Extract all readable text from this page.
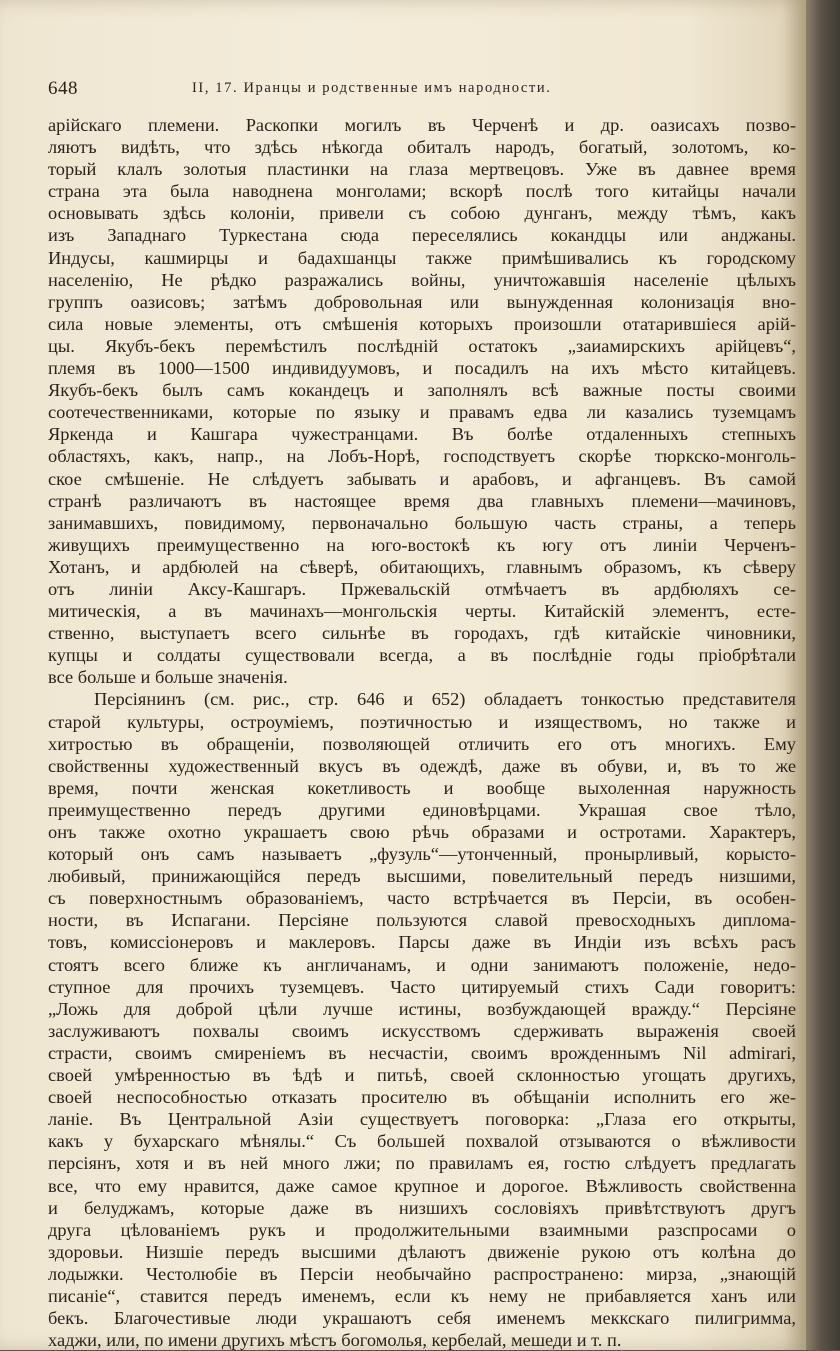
648	II, 17. Иранцы и родственные имъ народности.
арійскаго племени. Раскопки могилъ въ Черченѣ и др. оазисахъ позво-
ляютъ видѣть, что здѣсь нѣкогда обиталъ народъ, богатый, золотомъ, ко-
торый клалъ золотыя пластинки на глаза мертвецовъ. Уже въ давнее время
страна эта была наводнена монголами; вскорѣ послѣ того китайцы начали
основывать здѣсь колоніи, привели съ собою дунганъ, между тѣмъ, какъ
изъ Западнаго Туркестана сюда переселялись кокандцы или анджаны.
Индусы, кашмирцы и бадахшанцы также примѣшивались къ городскому
населенію, Не рѣдко разражались войны, уничтожавшія населеніе цѣлыхъ
группъ оазисовъ; затѣмъ добровольная или вынужденная колонизація вно-
сила новые элементы, отъ смѣшенія которыхъ произошли отатарившіеся арій-
цы. Якубъ-бекъ перемѣстилъ послѣдній остатокъ „заиамирскихъ арійцевъ“,
племя въ 1000—1500 индивидуумовъ, и посадилъ на ихъ мѣсто китайцевъ.
Якубъ-бекъ былъ самъ кокандецъ и заполнялъ всѣ важные посты своими
соотечественниками, которые по языку и правамъ едва ли казались туземцамъ
Яркенда и Кашгара чужестранцами. Въ болѣе отдаленныхъ степныхъ
областяхъ, какъ, напр., на Лобъ-Норѣ, господствуетъ скорѣе тюркско-монголь-
ское смѣшеніе. Не слѣдуетъ забывать и арабовъ, и афганцевъ. Въ самой
странѣ различаютъ въ настоящее время два главныхъ племени—мачиновъ,
занимавшихъ, повидимому, первоначально большую часть страны, а теперь
живущихъ преимущественно на юго-востокѣ къ югу отъ линіи Черченъ-
Хотанъ, и ардбюлей на сѣверѣ, обитающихъ, главнымъ образомъ, къ сѣверу
отъ линіи Аксу-Кашгаръ. Пржевальскій отмѣчаетъ въ ардбюляхъ се-
митическія, а въ мачинахъ—монгольскія черты. Китайскій элементъ, есте-
ственно, выступаетъ всего сильнѣе въ городахъ, гдѣ китайскіе чиновники,
купцы и солдаты существовали всегда, а въ послѣдніе годы пріобрѣтали
все больше и больше значенія.
Персіянинъ (см. рис., стр. 646 и 652) обладаетъ тонкостью представителя
старой культуры, остроуміемъ, поэтичностью и изяществомъ, но также и
хитростью въ обращеніи, позволяющей отличить его отъ многихъ. Ему
свойственны художественный вкусъ въ одеждѣ, даже въ обуви, и, въ то же
время, почти женская кокетливость и вообще выхоленная наружность
преимущественно передъ другими единовѣрцами. Украшая свое тѣло,
онъ также охотно украшаетъ свою рѣчь образами и остротами. Характеръ,
который онъ самъ называетъ „фузуль“—утонченный, пронырливый, корысто-
любивый, принижающійся передъ высшими, повелительный передъ низшими,
съ поверхностнымъ образованіемъ, часто встрѣчается въ Персіи, въ особен-
ности, въ Испагани. Персіяне пользуются славой превосходныхъ диплома-
товъ, комиссіонеровъ и маклеровъ. Парсы даже въ Индіи изъ всѣхъ расъ
стоятъ всего ближе къ англичанамъ, и одни занимаютъ положеніе, недо-
ступное для прочихъ туземцевъ. Часто цитируемый стихъ Сади говоритъ:
„Ложь для доброй цѣли лучше истины, возбуждающей вражду.“ Персіяне
заслуживаютъ похвалы своимъ искусствомъ сдерживать выраженія своей
страсти, своимъ смиреніемъ въ несчастіи, своимъ врожденнымъ Nil admirari,
своей умѣренностью въ ѣдѣ и питьѣ, своей склонностью угощать другихъ,
своей неспособностью отказать просителю въ обѣщаніи исполнить его же-
ланіе. Въ Центральной Азіи существуетъ поговорка: „Глаза его открыты,
какъ у бухарскаго мѣнялы.“ Съ большей похвалой отзываются о вѣжливости
персіянъ, хотя и въ ней много лжи; по правиламъ ея, гостю слѣдуетъ предлагать
все, что ему нравится, даже самое крупное и дорогое. Вѣжливость свойственна
и белуджамъ, которые даже въ низшихъ сословіяхъ привѣтствуютъ другъ
друга цѣлованіемъ рукъ и продолжительными взаимными разспросами о
здоровьи. Низшіе передъ высшими дѣлаютъ движеніе рукою отъ колѣна до
лодыжки. Честолюбіе въ Персіи необычайно распространено: мирза, „знающій
писаніе“, ставится передъ именемъ, если къ нему не прибавляется ханъ или
бекъ. Благочестивые люди украшаютъ себя именемъ меккскаго пилигримма,
хаджи, или, по имени другихъ мѣстъ богомолья, кербелай, мешеди и т. п.
